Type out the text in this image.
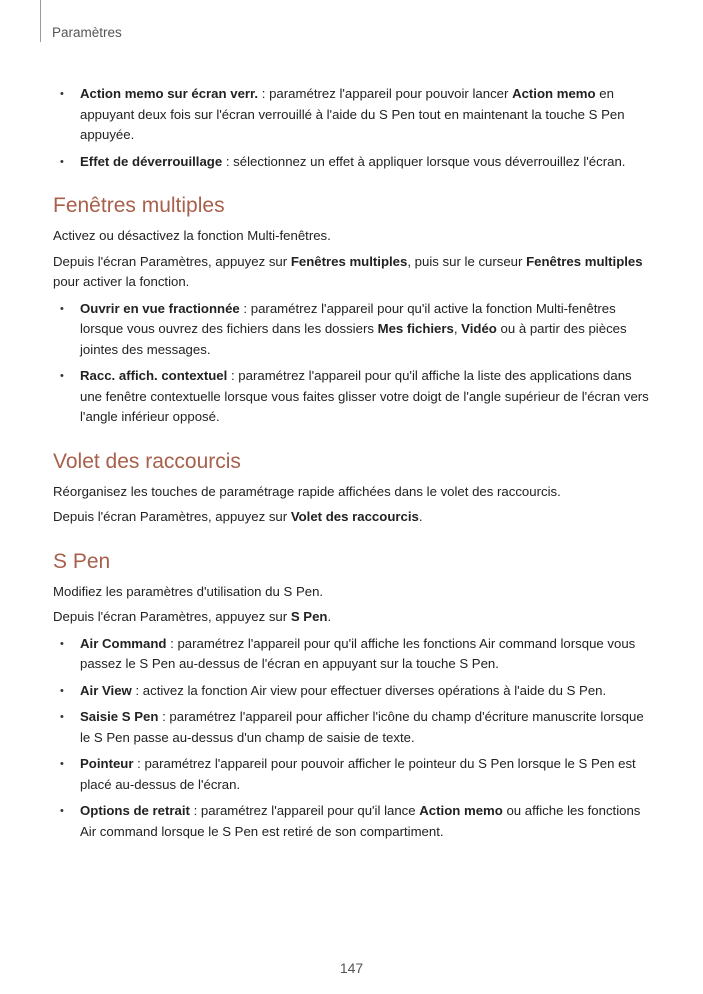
Paramètres
• Action memo sur écran verr. : paramétrez l'appareil pour pouvoir lancer Action memo en appuyant deux fois sur l'écran verrouillé à l'aide du S Pen tout en maintenant la touche S Pen appuyée.
• Effet de déverrouillage : sélectionnez un effet à appliquer lorsque vous déverrouillez l'écran.
Fenêtres multiples

Activez ou désactivez la fonction Multi-fenêtres.

Depuis l'écran Paramètres, appuyez sur Fenêtres multiples, puis sur le curseur Fenêtres multiples pour activer la fonction.

• Ouvrir en vue fractionnée : paramétrez l'appareil pour qu'il active la fonction Multi-fenêtres lorsque vous ouvrez des fichiers dans les dossiers Mes fichiers, Vidéo ou à partir des pièces jointes des messages.
• Racc. affich. contextuel : paramétrez l'appareil pour qu'il affiche la liste des applications dans une fenêtre contextuelle lorsque vous faites glisser votre doigt de l'angle supérieur de l'écran vers l'angle inférieur opposé.
Volet des raccourcis

Réorganisez les touches de paramétrage rapide affichées dans le volet des raccourcis.

Depuis l'écran Paramètres, appuyez sur Volet des raccourcis.

S Pen

Modifiez les paramètres d'utilisation du S Pen.

Depuis l'écran Paramètres, appuyez sur S Pen.

• Air Command : paramétrez l'appareil pour qu'il affiche les fonctions Air command lorsque vous passez le S Pen au-dessus de l'écran en appuyant sur la touche S Pen.
• Air View : activez la fonction Air view pour effectuer diverses opérations à l'aide du S Pen.
• Saisie S Pen : paramétrez l'appareil pour afficher l'icône du champ d'écriture manuscrite lorsque le S Pen passe au-dessus d'un champ de saisie de texte.
• Pointeur : paramétrez l'appareil pour pouvoir afficher le pointeur du S Pen lorsque le S Pen est placé au-dessus de l'écran.
• Options de retrait : paramétrez l'appareil pour qu'il lance Action memo ou affiche les fonctions Air command lorsque le S Pen est retiré de son compartiment.
147
